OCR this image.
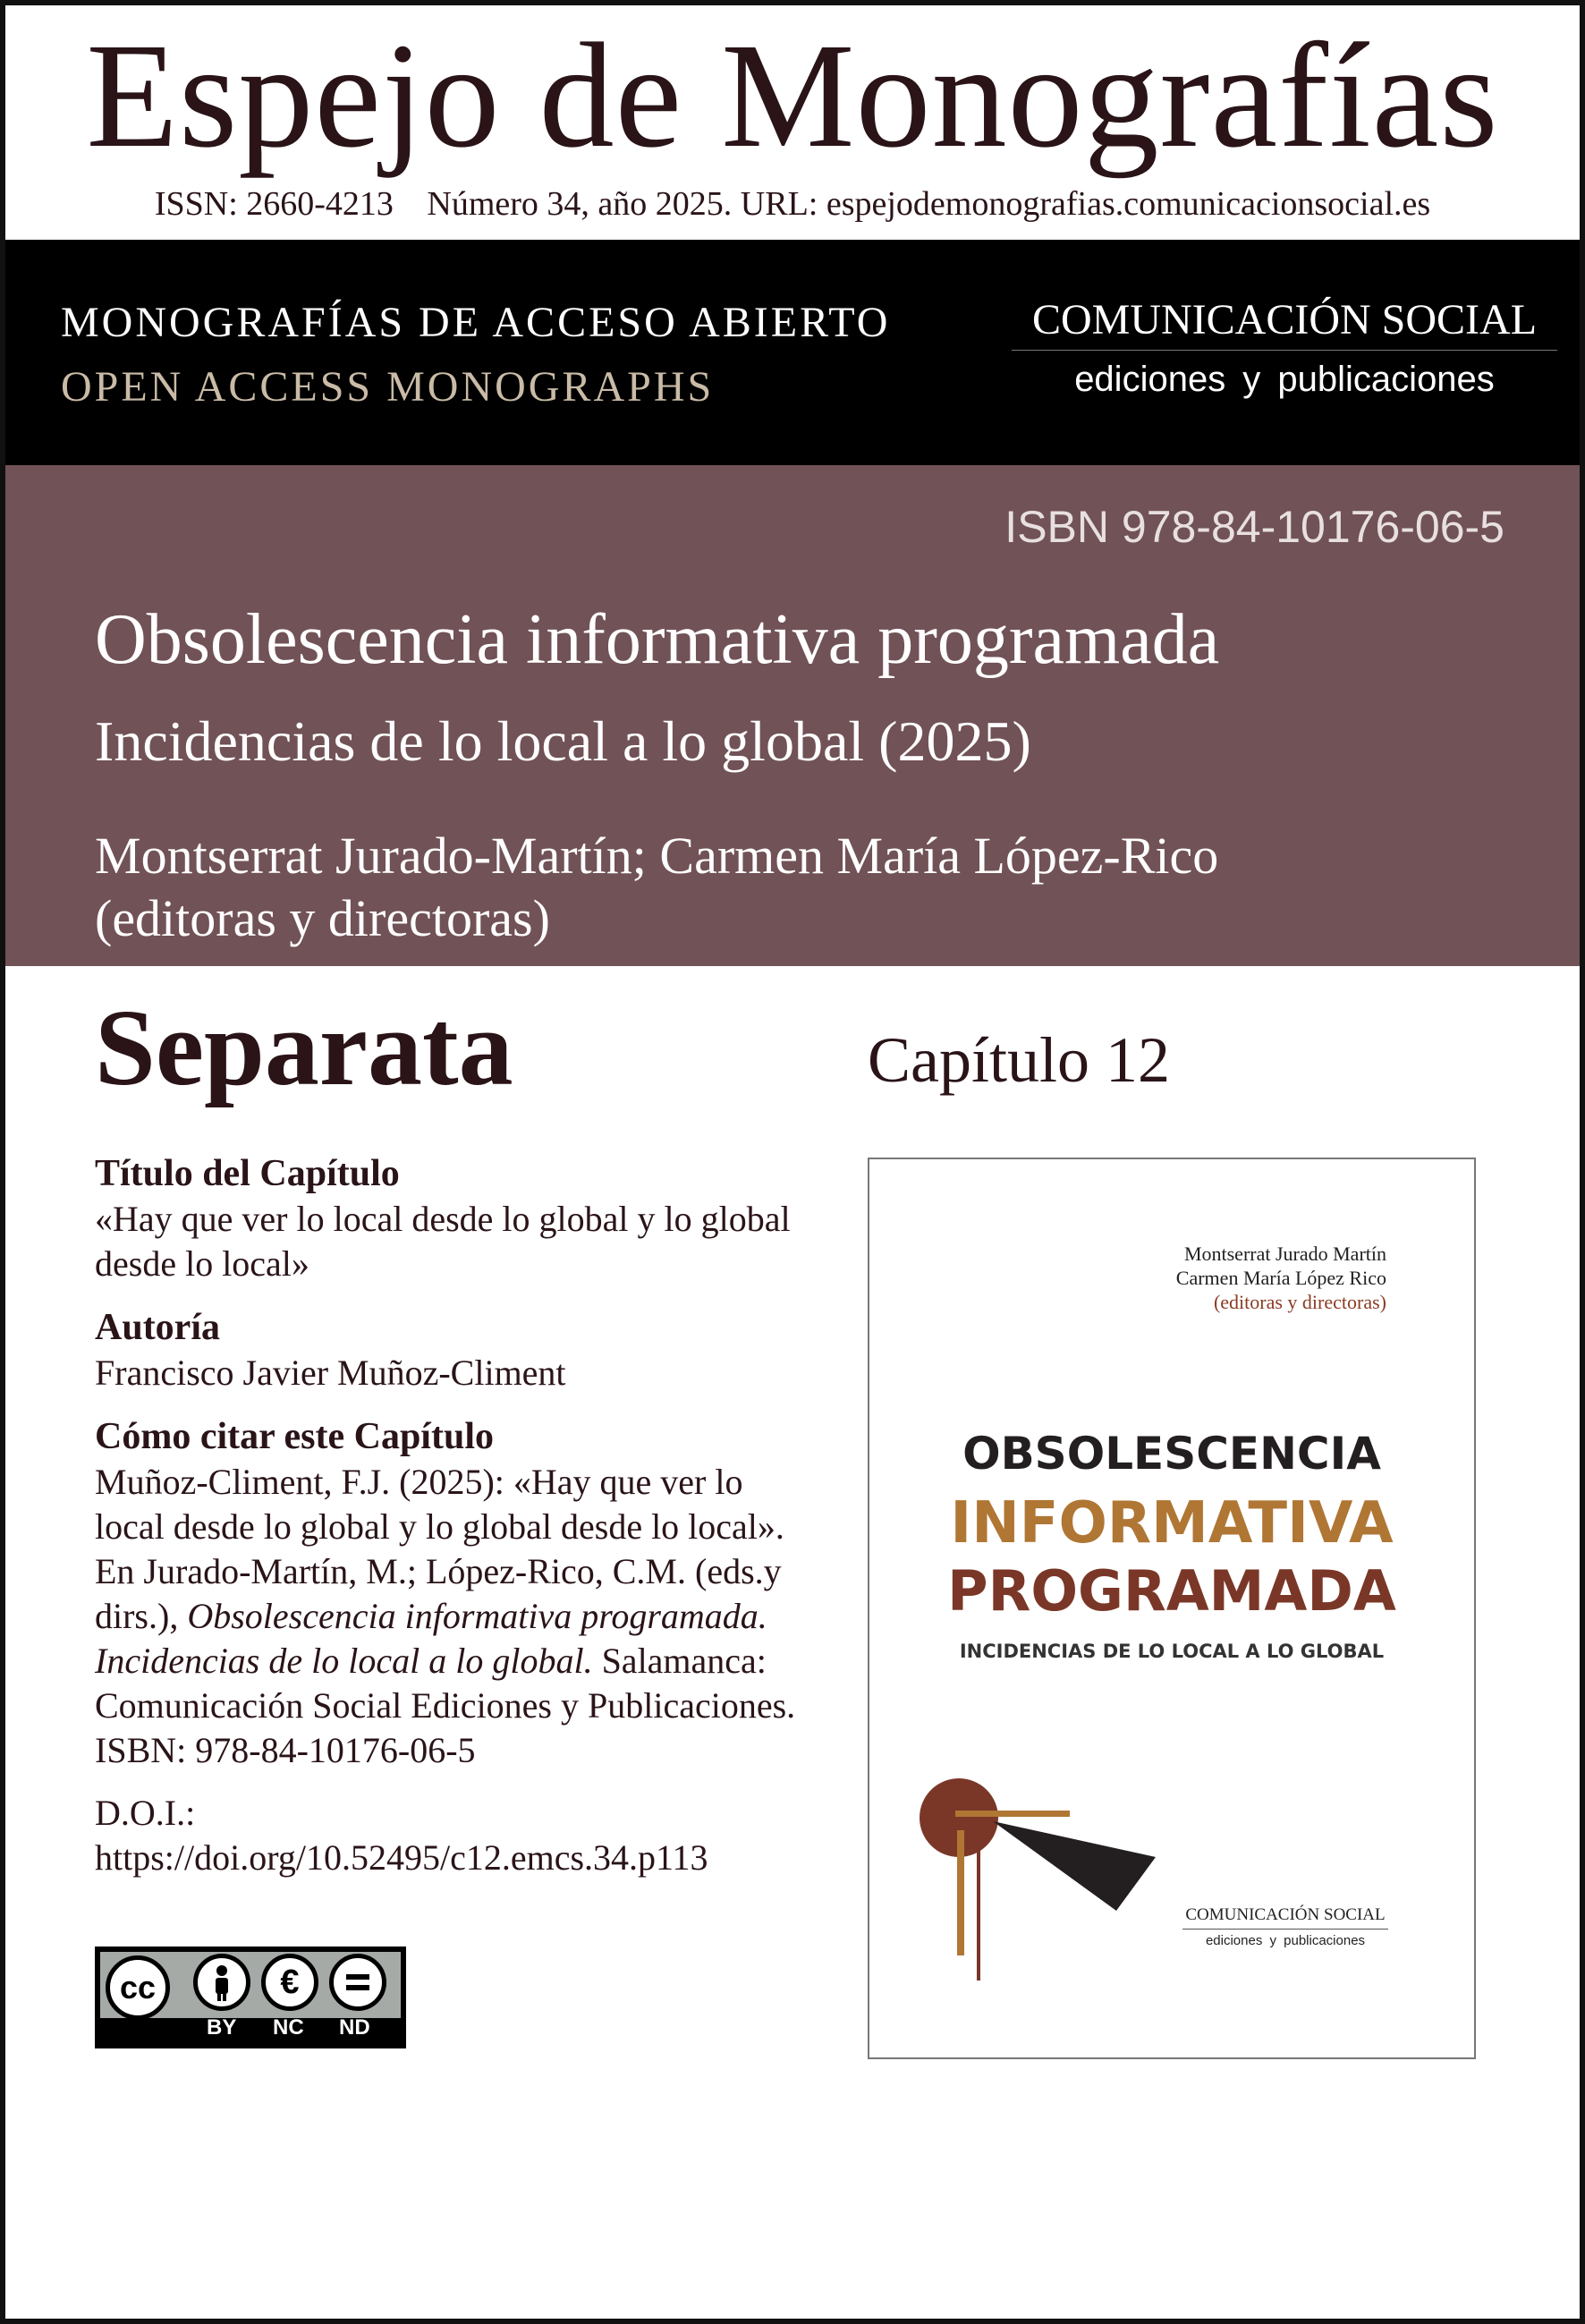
Espejo de Monografías
ISSN: 2660-4213 Número 34, año 2025. URL: espejodemonografias.comunicacionsocial.es
MONOGRAFÍAS DE ACCESO ABIERTO
OPEN ACCESS MONOGRAPHS
COMUNICACIÓN SOCIAL
ediciones y publicaciones
ISBN 978-84-10176-06-5
Obsolescencia informativa programada
Incidencias de lo local a lo global (2025)
Montserrat Jurado-Martín; Carmen María López-Rico
(editoras y directoras)
Separata	Capítulo 12
Título del Capítulo
«Hay que ver lo local desde lo global y lo global desde lo local»
Autoría
Francisco Javier Muñoz-Climent
Cómo citar este Capítulo
Muñoz-Climent, F.J. (2025): «Hay que ver lo local desde lo global y lo global desde lo local». En Jurado-Martín, M.; López-Rico, C.M. (eds.y dirs.), Obsolescencia informativa programada. Incidencias de lo local a lo global. Salamanca: Comunicación Social Ediciones y Publicaciones. ISBN: 978-84-10176-06-5
D.O.I.:
https://doi.org/10.52495/c12.emcs.34.p113
cc	€
BY NC ND
Montserrat Jurado Martín
Carmen María López Rico
(editoras y directoras)
OBSOLESCENCIA
INFORMATIVA
PROGRAMADA
INCIDENCIAS DE LO LOCAL A LO GLOBAL
COMUNICACIÓN SOCIAL
ediciones y publicaciones
